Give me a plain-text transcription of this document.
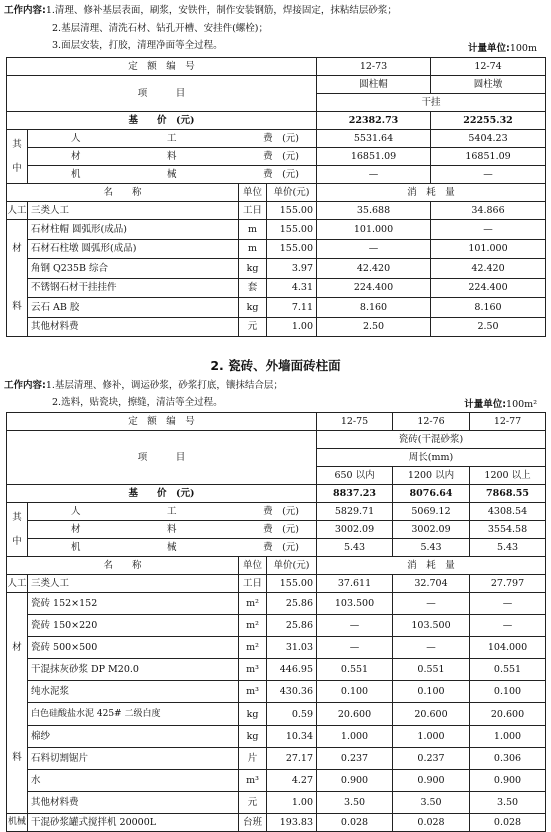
工作内容:1.清理、修补基层表面，刷浆，安铁件，制作安装钢筋，焊接固定，抹粘结层砂浆；
2.基层清理、清洗石材、钻孔开槽、安挂件(螺栓)；
3.面层安装，打胶，清理净面等全过程。	计量单位:100m
定　额　编　号				12-73	12-74
项　　　目				圆柱帽	圆柱墩
				干挂	
基　　价　(元)				22382.73	22255.32
其
中	人 工 费　(元)			5531.64	5404.23

	材 料 费　(元)			16851.09	16851.09

	机 械 费　(元)			—	—
名　　称		单位	单价(元)	消　耗　量	
人工	三类人工	工日	155.00	35.688	34.866
材
料	石材柱帽 圆弧形(成品)	m	155.00	101.000	—
	石材石柱墩 圆弧形(成品)	m	155.00	—	101.000
	角钢 Q235B 综合	kg	3.97	42.420	42.420
	不锈钢石材干挂挂件	套	4.31	224.400	224.400
	云石 AB 胶	kg	7.11	8.160	8.160
	其他材料费	元	1.00	2.50	2.50
2. 瓷砖、外墙面砖柱面
工作内容:1.基层清理、修补，调运砂浆，砂浆打底，镶抹结合层；
2.选料，贴瓷块，擦缝，清洁等全过程。	计量单位:100m²
定　额　编　号				12-75	12-76	12-77
项　　　目				瓷砖(干混砂浆)		
				周长(mm)		
				650 以内	1200 以内	1200 以上
基　　价　(元)				8837.23	8076.64	7868.55
其
中	人 工 费　(元)			5829.71	5069.12	4308.54

	材 料 费　(元)			3002.09	3002.09	3554.58

	机 械 费　(元)			5.43	5.43	5.43
名　　称		单位	单价(元)	消　耗　量		
人工	三类人工	工日	155.00	37.611	32.704	27.797
材
料	瓷砖 152×152	m²	25.86	103.500	—	—
	瓷砖 150×220	m²	25.86	—	103.500	—
	瓷砖 500×500	m²	31.03	—	—	104.000
	干混抹灰砂浆 DP M20.0	m³	446.95	0.551	0.551	0.551
	纯水泥浆	m³	430.36	0.100	0.100	0.100
	白色硅酸盐水泥 425# 二级白度	kg	0.59	20.600	20.600	20.600
	棉纱	kg	10.34	1.000	1.000	1.000
	石料切割锯片	片	27.17	0.237	0.237	0.306
	水	m³	4.27	0.900	0.900	0.900
	其他材料费	元	1.00	3.50	3.50	3.50
机械	干混砂浆罐式搅拌机 20000L	台班	193.83	0.028	0.028	0.028
